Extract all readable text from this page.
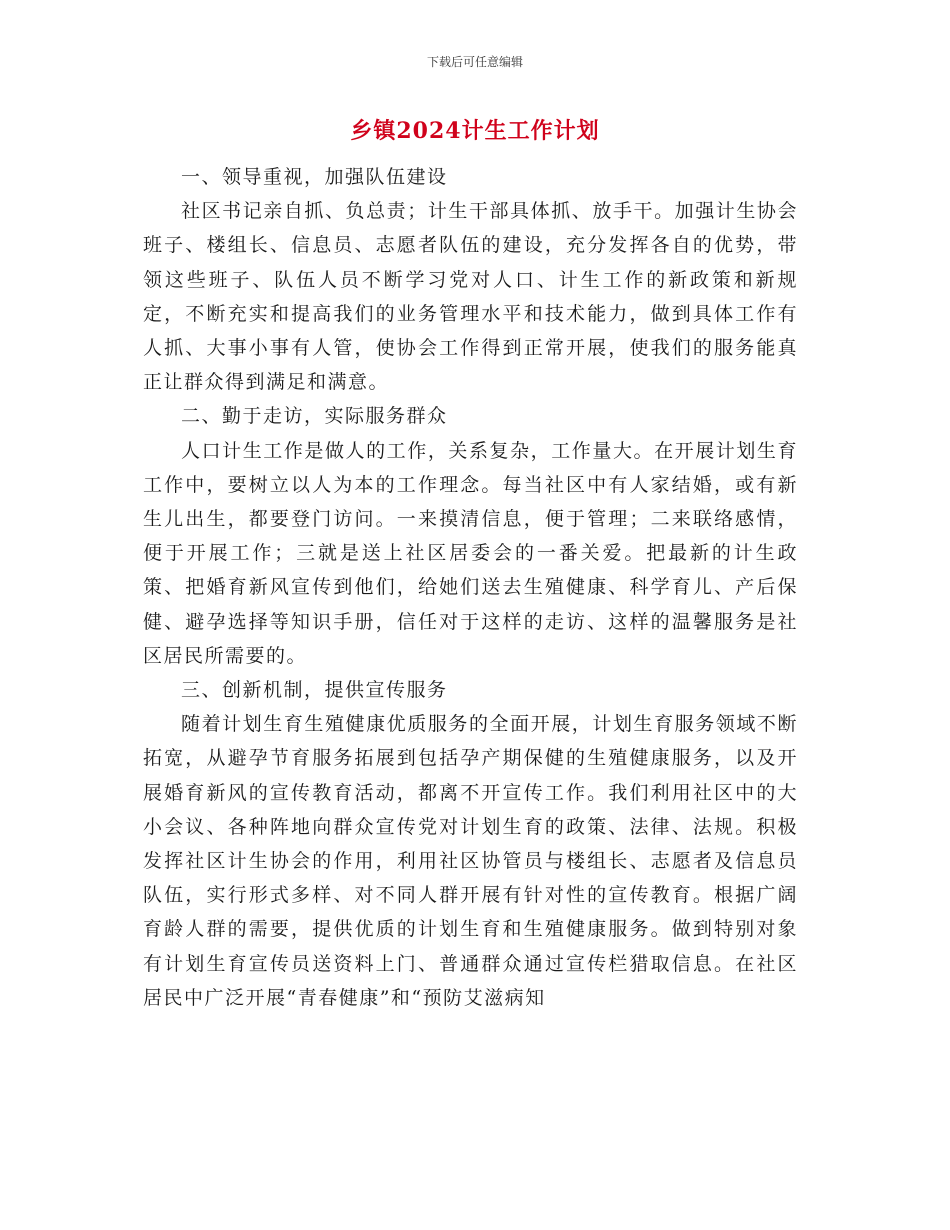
下载后可任意编辑
乡镇2024计生工作计划

一、领导重视，加强队伍建设

社区书记亲自抓、负总责；计生干部具体抓、放手干。加强计生协会班子、楼组长、信息员、志愿者队伍的建设，充分发挥各自的优势，带领这些班子、队伍人员不断学习党对人口、计生工作的新政策和新规定，不断充实和提高我们的业务管理水平和技术能力，做到具体工作有人抓、大事小事有人管，使协会工作得到正常开展，使我们的服务能真正让群众得到满足和满意。

二、勤于走访，实际服务群众

人口计生工作是做人的工作，关系复杂，工作量大。在开展计划生育工作中，要树立以人为本的工作理念。每当社区中有人家结婚，或有新生儿出生，都要登门访问。一来摸清信息，便于管理；二来联络感情，便于开展工作；三就是送上社区居委会的一番关爱。把最新的计生政策、把婚育新风宣传到他们，给她们送去生殖健康、科学育儿、产后保健、避孕选择等知识手册，信任对于这样的走访、这样的温馨服务是社区居民所需要的。

三、创新机制，提供宣传服务

随着计划生育生殖健康优质服务的全面开展，计划生育服务领域不断拓宽，从避孕节育服务拓展到包括孕产期保健的生殖健康服务，以及开展婚育新风的宣传教育活动，都离不开宣传工作。我们利用社区中的大小会议、各种阵地向群众宣传党对计划生育的政策、法律、法规。积极发挥社区计生协会的作用，利用社区协管员与楼组长、志愿者及信息员队伍，实行形式多样、对不同人群开展有针对性的宣传教育。根据广阔育龄人群的需要，提供优质的计划生育和生殖健康服务。做到特别对象有计划生育宣传员送资料上门、普通群众通过宣传栏猎取信息。在社区居民中广泛开展“青春健康”和“预防艾滋病知
